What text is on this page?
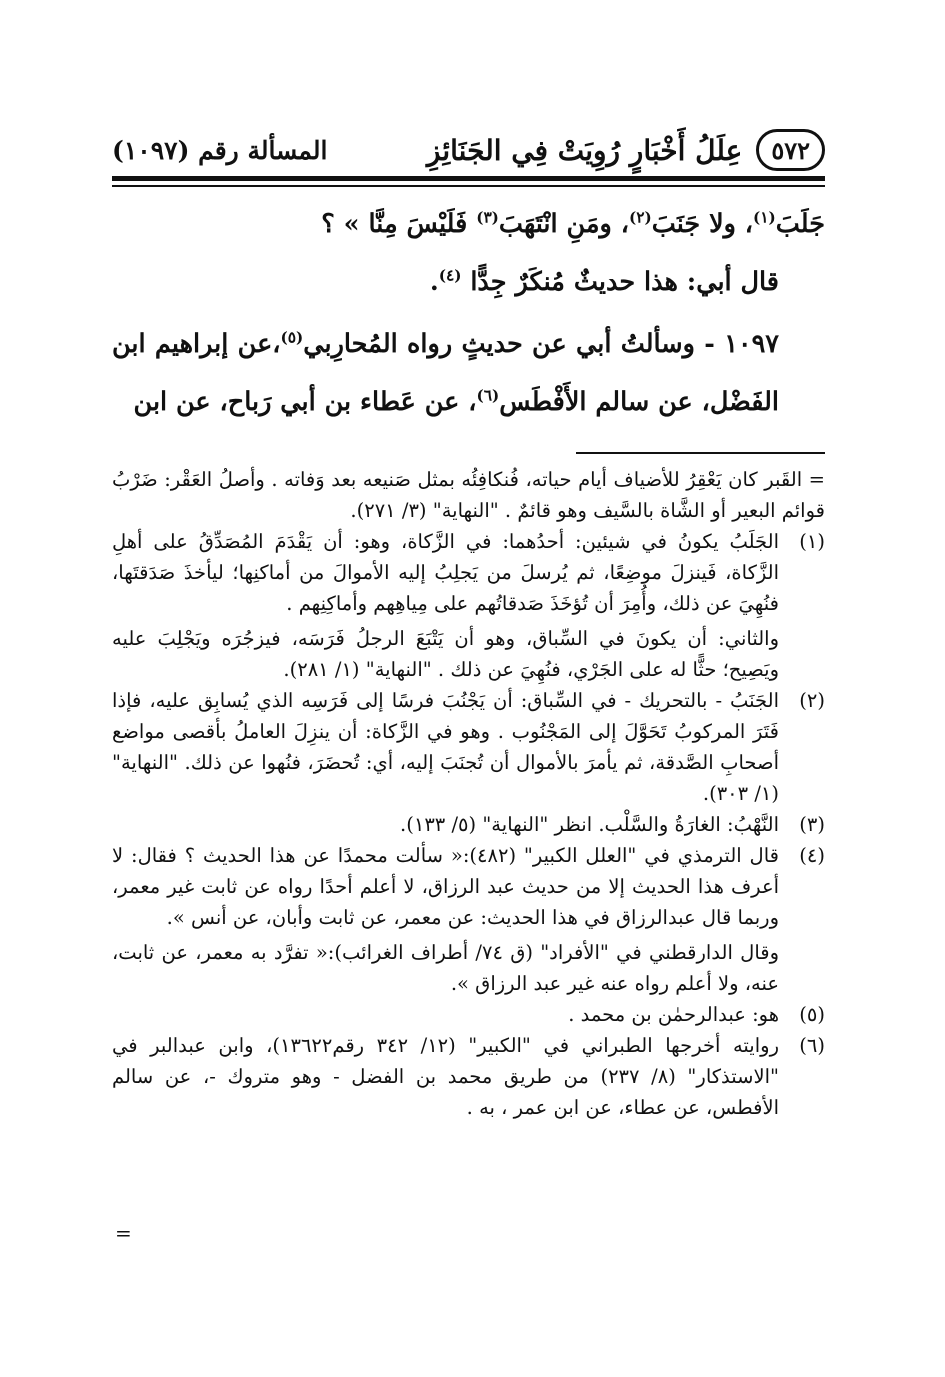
٥٧٢
عِلَلُ أَخْبَارٍ رُوِيَتْ فِي الجَنَائِزِ
المسألة رقم (١٠٩٧)

جَلَبَ$^{(١)}$، ولا جَنَبَ$^{(٢)}$، ومَنِ انْتَهَبَ$^{(٣)}$ فَلَيْسَ مِنَّا » ؟

قال أبي: هذا حديثٌ مُنكَرٌ جِدًّا $^{(٤)}$.

١٠٩٧ - وسألتُ أبي عن حديثٍ رواه المُحارِبي$^{(٥)}$،عن إبراهيم ابن الفَضْل، عن سالم الأَفْطَس$^{(٦)}$، عن عَطاء بن أبي رَباح، عن ابن

= القَبر كان يَعْقِرُ للأضياف أيام حياته، فُنكافِئُه بمثل صَنيعه بعد وَفاته . وأصلُ العَقْر: ضَرْبُ قوائم البعير أو الشَّاة بالسَّيف وهو قائمٌ . "النهاية" (٣/ ٢٧١).

(١)

الجَلَبُ يكونُ في شيئين: أحدُهما: في الزَّكاة، وهو: أن يَقْدَمَ المُصَدِّقُ على أهلِ الزَّكاة، فَينزلَ موضِعًا، ثم يُرسلَ من يَجلِبُ إليه الأموالَ من أماكنِها؛ ليأخذَ صَدَقتَها، فنُهِيَ عن ذلك، وأُمِرَ أن تُؤخَذَ صَدقاتُهم على مِياهِهم وأماكِنِهم .

والثاني: أن يكونَ في السِّباق، وهو أن يَتْبَعَ الرجلُ فَرَسَه، فيزجُرَه ويَجْلِبَ عليه ويَصِيح؛ حثًّا له على الجَرْي، فنُهِيَ عن ذلك . "النهاية" (١/ ٢٨١).

(٢)

الجَنَبُ - بالتحريك - في السِّباق: أن يَجْنُبَ فرسًا إلى فَرَسِه الذي يُسابِق عليه، فإذا فَتَرَ المركوبُ تَحَوَّلَ إلى المَجْنُوب . وهو في الزَّكاة: أن ينزِلَ العاملُ بأقصى مواضع أصحابِ الصَّدقة، ثم يأمرَ بالأموال أن تُجنَبَ إليه، أي: تُحضَرَ، فنُهوا عن ذلك. "النهاية" (١/ ٣٠٣).

(٣)

النَّهْبُ: الغارَةُ والسَّلْب. انظر "النهاية" (٥/ ١٣٣).

(٤)

قال الترمذي في "العلل الكبير" (٤٨٢):« سألت محمدًا عن هذا الحديث ؟ فقال: لا أعرف هذا الحديث إلا من حديث عبد الرزاق، لا أعلم أحدًا رواه عن ثابت غير معمر، وربما قال عبدالرزاق في هذا الحديث: عن معمر، عن ثابت وأبان، عن أنس ».

وقال الدارقطني في "الأفراد" (ق ٧٤/ أطراف الغرائب):« تفرَّد به معمر، عن ثابت، عنه، ولا أعلم رواه عنه غير عبد الرزاق ».

(٥)

هو: عبدالرحمٰن بن محمد .

(٦)

روايته أخرجها الطبراني في "الكبير" (١٢/ ٣٤٢ رقم١٣٦٢٢)، وابن عبدالبر في "الاستذكار" (٨/ ٢٣٧) من طريق محمد بن الفضل - وهو متروك -، عن سالم الأفطس، عن عطاء، عن ابن عمر ، به .

=
